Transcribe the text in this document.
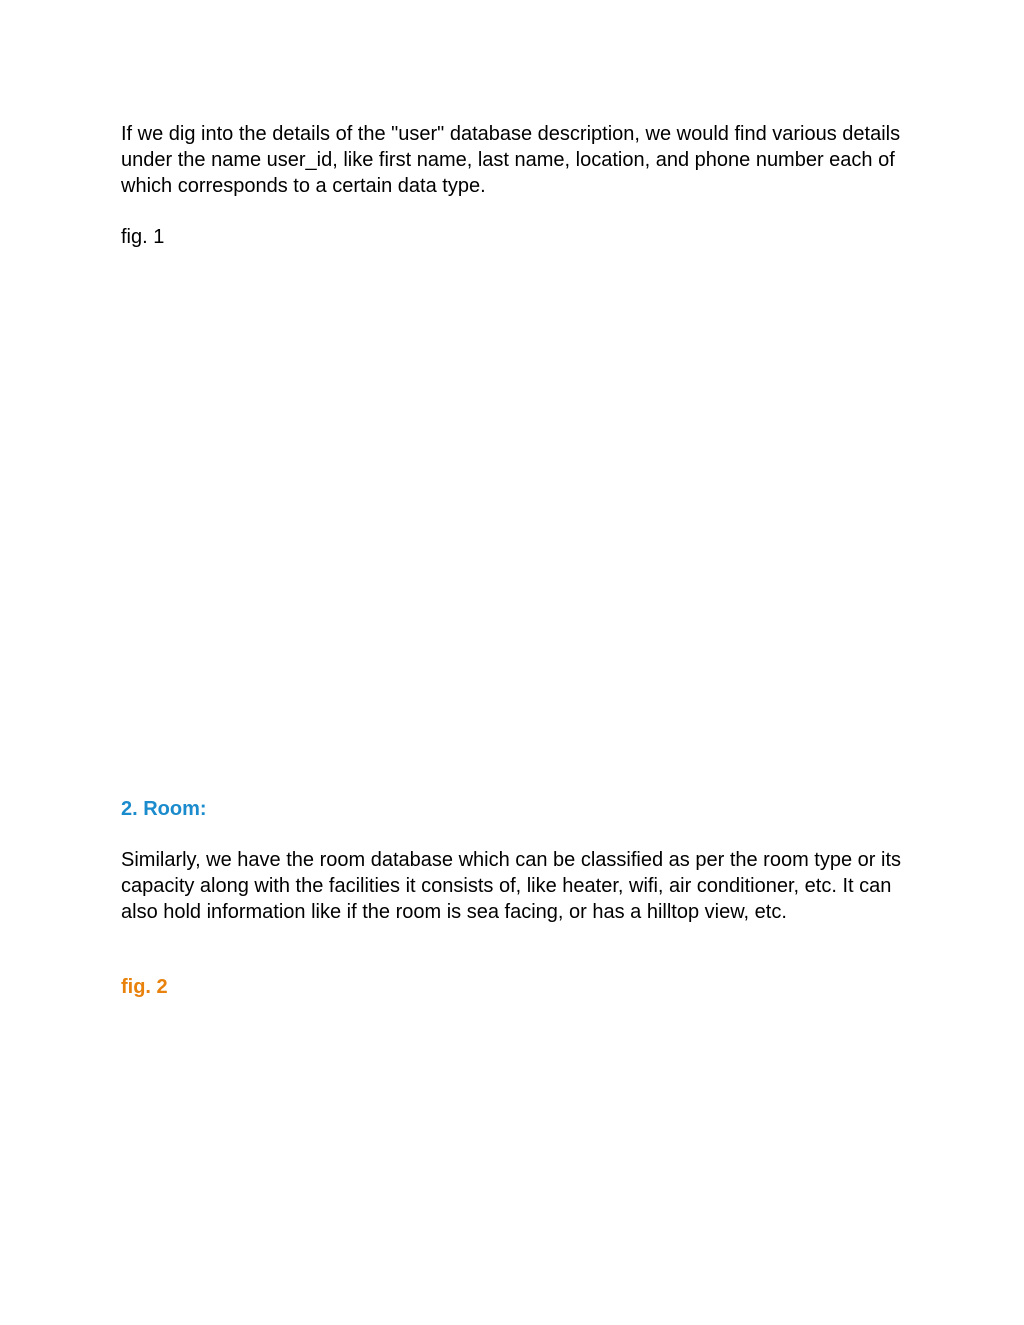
If we dig into the details of the "user" database description, we would find various details under the name user_id, like first name, last name, location, and phone number each of which corresponds to a certain data type.

fig. 1

2. Room:

Similarly, we have the room database which can be classified as per the room type or its capacity along with the facilities it consists of, like heater, wifi, air conditioner, etc. It can also hold information like if the room is sea facing, or has a hilltop view, etc.

fig. 2
